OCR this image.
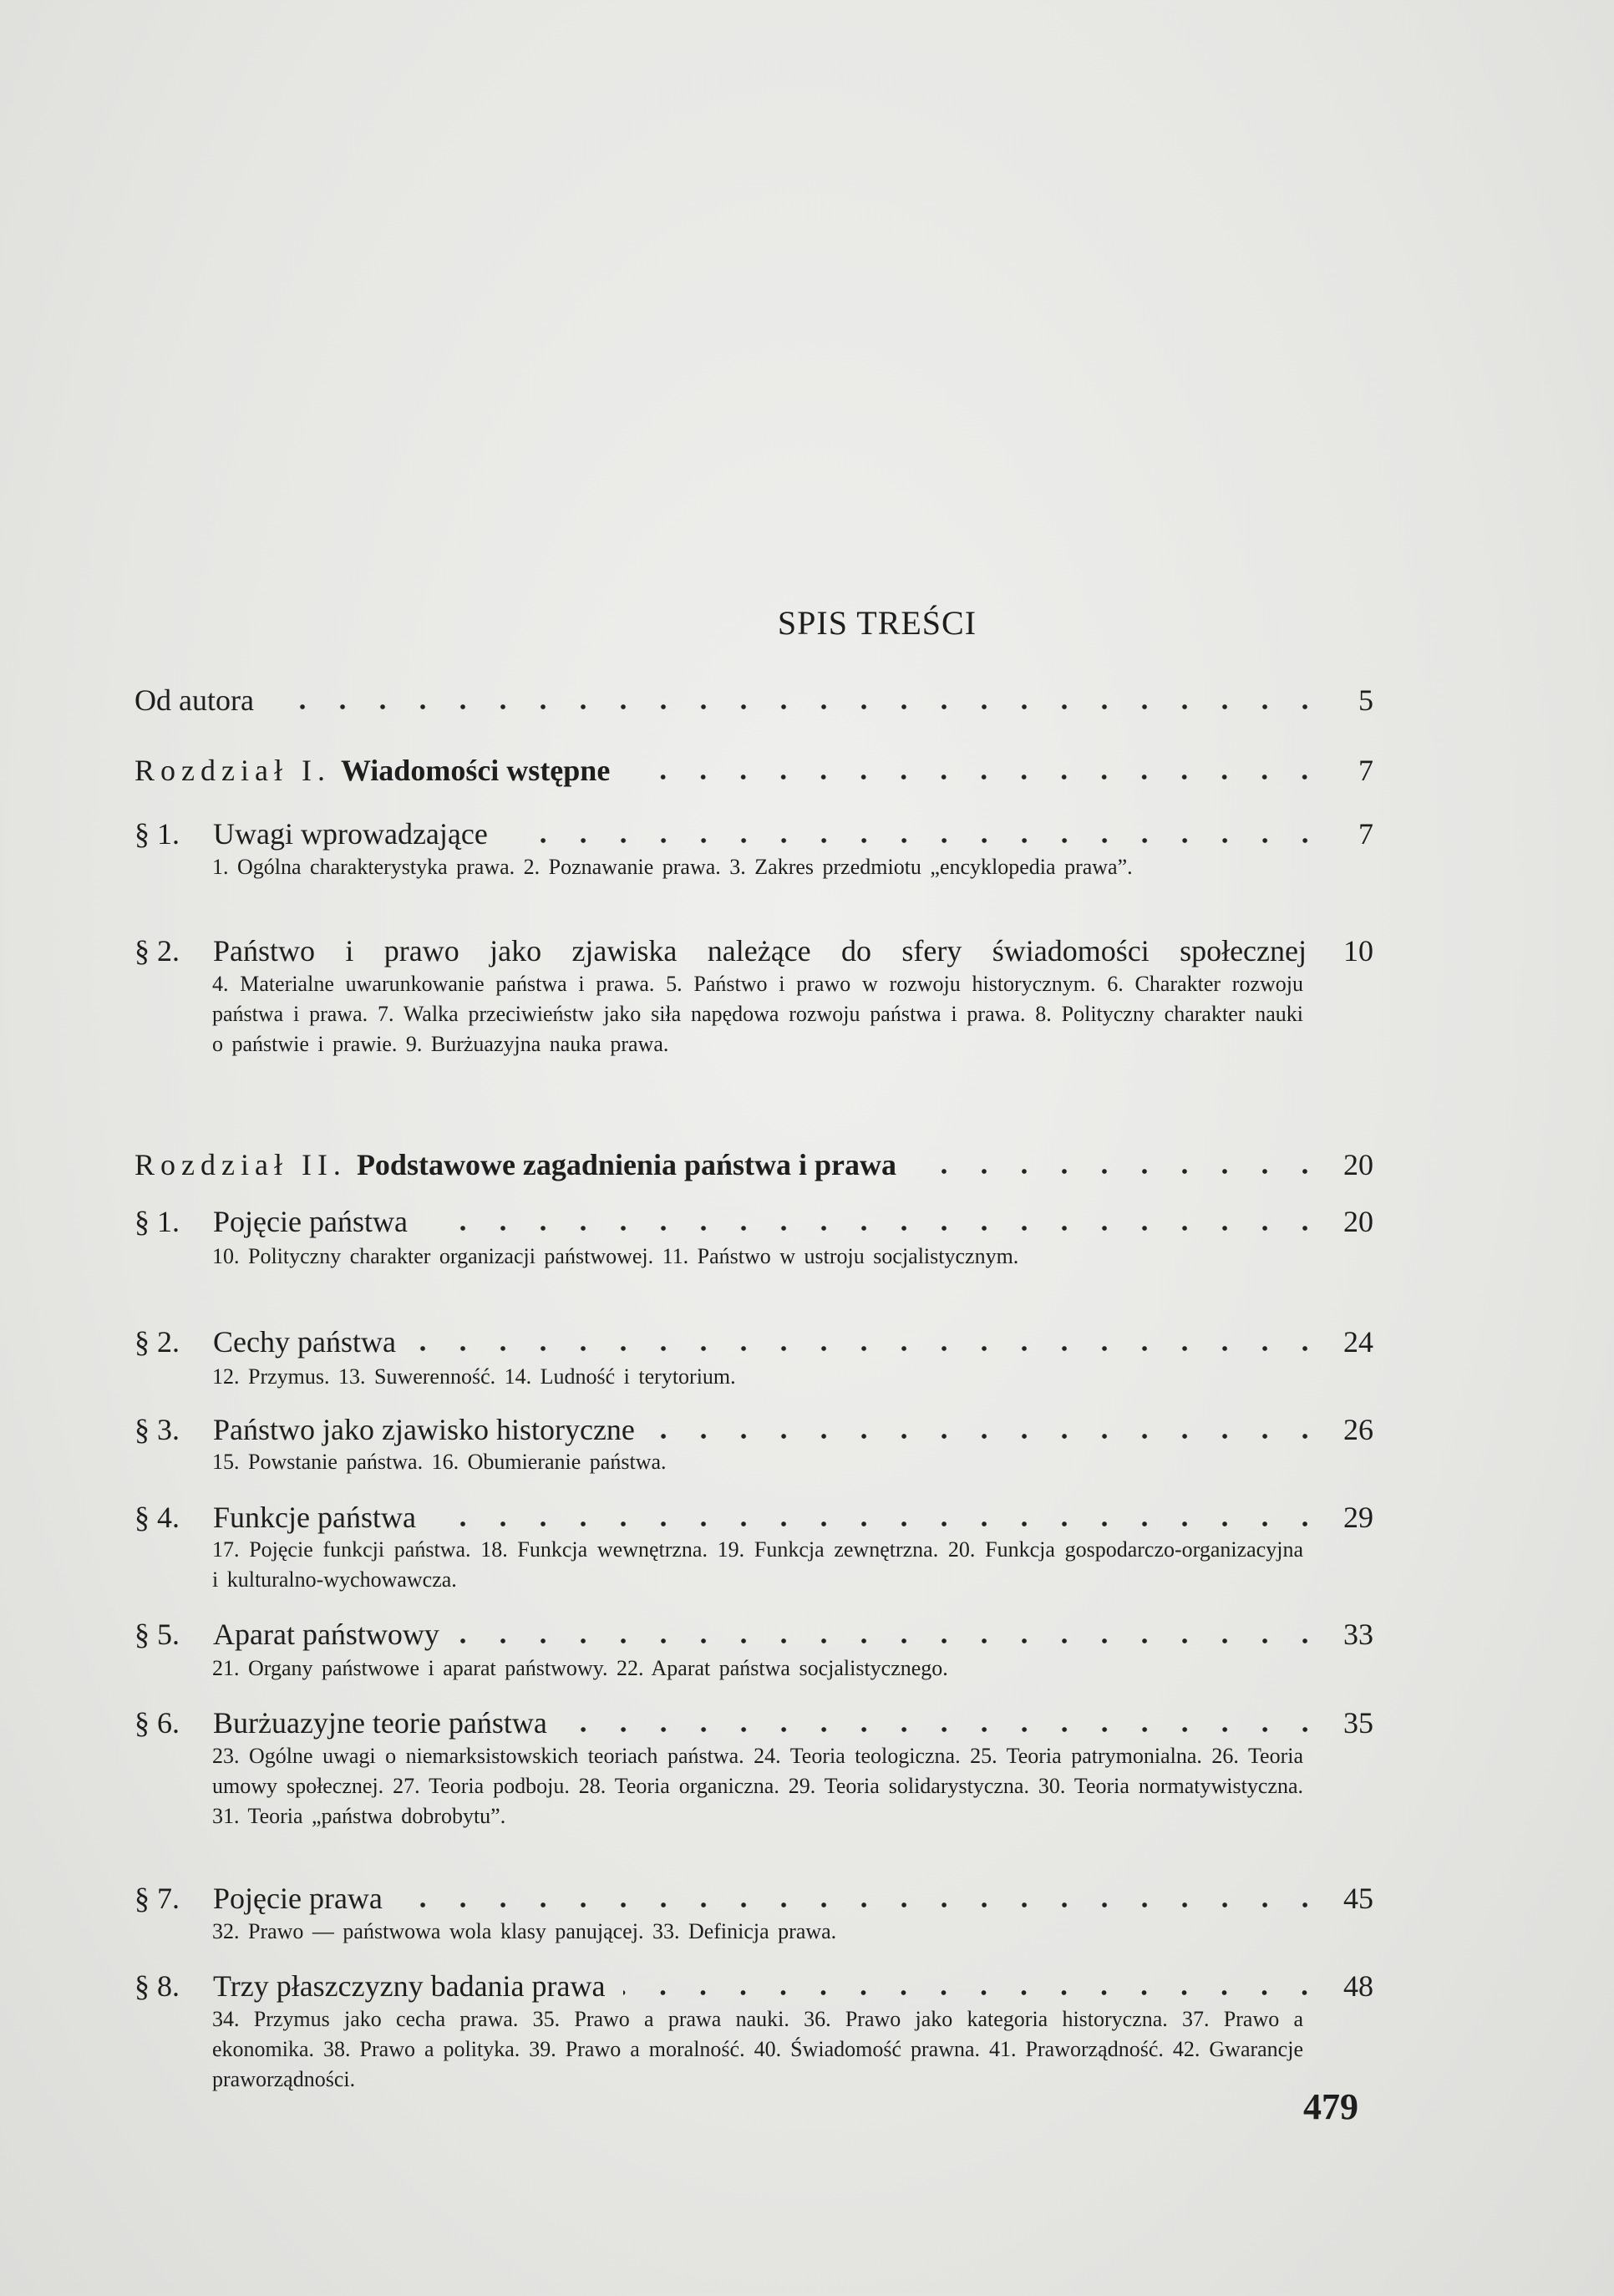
SPIS TREŚCI
Od autora	5
Rozdział I. Wiadomości wstępne	7
§ 1.	Uwagi wprowadzające	7
1. Ogólna charakterystyka prawa. 2. Poznawanie prawa. 3. Zakres przedmiotu „encyklopedia prawa”.
§ 2.	Państwo i prawo jako zjawiska należące do sfery świadomości społecznej 10
4. Materialne uwarunkowanie państwa i prawa. 5. Państwo i prawo w rozwoju historycznym. 6. Charakter rozwoju państwa i prawa. 7. Walka przeciwieństw jako siła napędowa rozwoju państwa i prawa. 8. Polityczny charakter nauki o państwie i prawie. 9. Burżuazyjna nauka prawa.
Rozdział II. Podstawowe zagadnienia państwa i prawa	20
§ 1.	Pojęcie państwa	20
10. Polityczny charakter organizacji państwowej. 11. Państwo w ustroju socjalistycznym.
§ 2.	Cechy państwa	24
12. Przymus. 13. Suwerenność. 14. Ludność i terytorium.
§ 3.	Państwo jako zjawisko historyczne	26
15. Powstanie państwa. 16. Obumieranie państwa.
§ 4.	Funkcje państwa	29
17. Pojęcie funkcji państwa. 18. Funkcja wewnętrzna. 19. Funkcja zewnętrzna. 20. Funkcja gospodarczo-organizacyjna i kulturalno-wychowawcza.
§ 5.	Aparat państwowy	33
21. Organy państwowe i aparat państwowy. 22. Aparat państwa socjalistycznego.
§ 6.	Burżuazyjne teorie państwa	35
23. Ogólne uwagi o niemarksistowskich teoriach państwa. 24. Teoria teologiczna. 25. Teoria patrymonialna. 26. Teoria umowy społecznej. 27. Teoria podboju. 28. Teoria organiczna. 29. Teoria solidarystyczna. 30. Teoria normatywistyczna. 31. Teoria „państwa dobrobytu”.
§ 7.	Pojęcie prawa	45
32. Prawo — państwowa wola klasy panującej. 33. Definicja prawa.
§ 8.	Trzy płaszczyzny badania prawa	48
34. Przymus jako cecha prawa. 35. Prawo a prawa nauki. 36. Prawo jako kategoria historyczna. 37. Prawo a ekonomika. 38. Prawo a polityka. 39. Prawo a moralność. 40. Świadomość prawna. 41. Praworządność. 42. Gwarancje praworządności.
479
